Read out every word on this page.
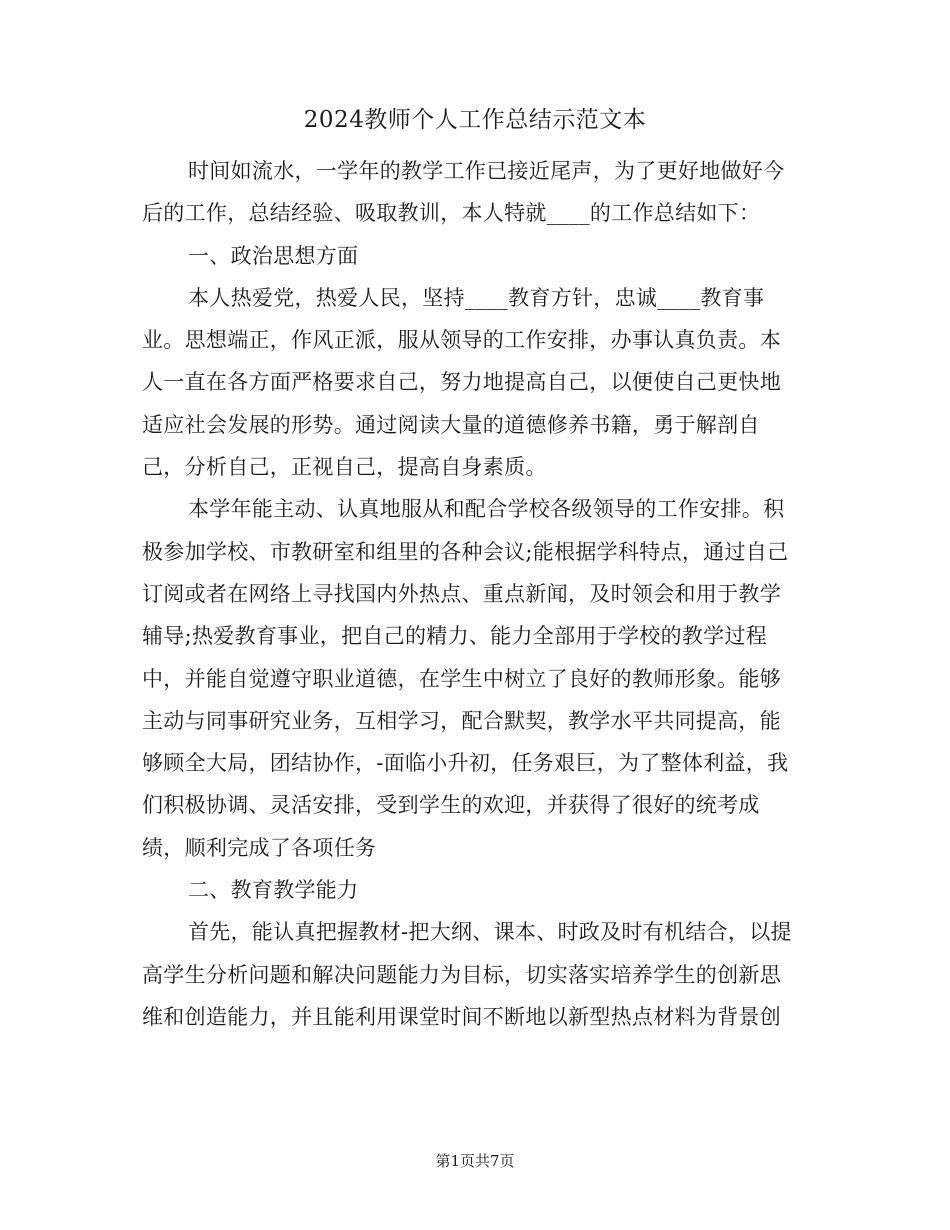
2024教师个人工作总结示范文本
时间如流水，一学年的教学工作已接近尾声，为了更好地做好今
后的工作，总结经验、吸取教训，本人特就____的工作总结如下：
一、政治思想方面
本人热爱党，热爱人民，坚持____教育方针，忠诚____教育事
业。思想端正，作风正派，服从领导的工作安排，办事认真负责。本
人一直在各方面严格要求自己，努力地提高自己，以便使自己更快地
适应社会发展的形势。通过阅读大量的道德修养书籍，勇于解剖自
己，分析自己，正视自己，提高自身素质。
本学年能主动、认真地服从和配合学校各级领导的工作安排。积
极参加学校、市教研室和组里的各种会议;能根据学科特点，通过自己
订阅或者在网络上寻找国内外热点、重点新闻，及时领会和用于教学
辅导;热爱教育事业，把自己的精力、能力全部用于学校的教学过程
中，并能自觉遵守职业道德，在学生中树立了良好的教师形象。能够
主动与同事研究业务，互相学习，配合默契，教学水平共同提高，能
够顾全大局，团结协作，-面临小升初，任务艰巨，为了整体利益，我
们积极协调、灵活安排，受到学生的欢迎，并获得了很好的统考成
绩，顺利完成了各项任务
二、教育教学能力
首先，能认真把握教材-把大纲、课本、时政及时有机结合，以提
高学生分析问题和解决问题能力为目标，切实落实培养学生的创新思
维和创造能力，并且能利用课堂时间不断地以新型热点材料为背景创
第1页共7页
